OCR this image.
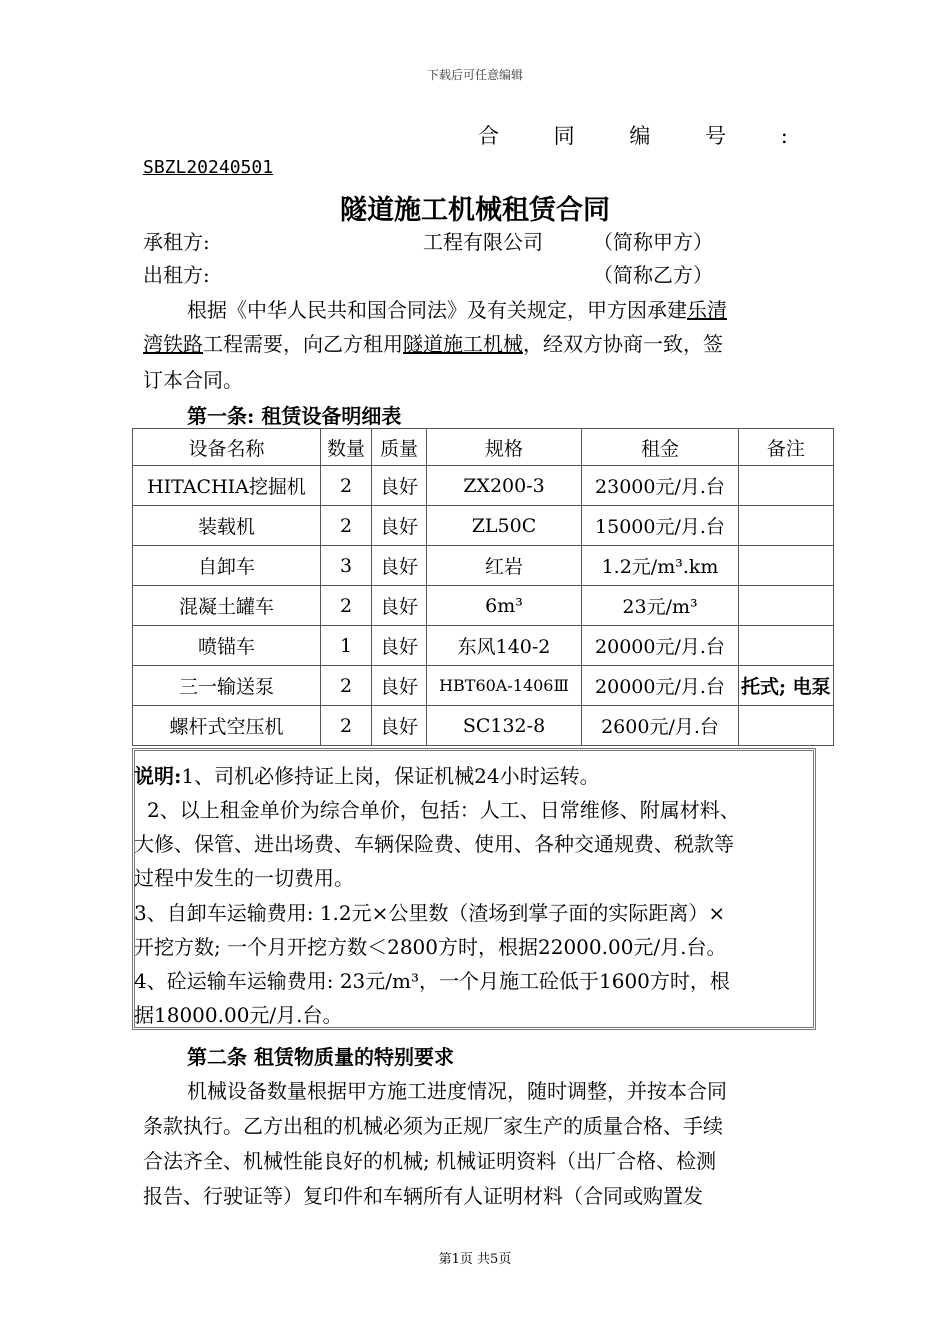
下载后可任意编辑
合 同 编 号 :
SBZL20240501
隧道施工机械租赁合同
承租方:	工程有限公司	（简称甲方）
出租方:	（简称乙方）
根据《中华人民共和国合同法》及有关规定，甲方因承建乐清
湾铁路工程需要，向乙方租用隧道施工机械，经双方协商一致，签
订本合同。
第一条: 租赁设备明细表
设备名称	数量	质量	规格	租金	备注
HITACHIA挖掘机	2	良好	ZX200-3	23000元/月.台	
装载机	2	良好	ZL50C	15000元/月.台	
自卸车	3	良好	红岩	1.2元/m³.km	
混凝土罐车	2	良好	6m³	23元/m³	
喷锚车	1	良好	东风140-2	20000元/月.台	
三一输送泵	2	良好	HBT60A-1406Ⅲ	20000元/月.台	托式; 电泵
螺杆式空压机	2	良好	SC132-8	2600元/月.台	
说明:1、司机必修持证上岗，保证机械24小时运转。
2、以上租金单价为综合单价，包括：人工、日常维修、附属材料、
大修、保管、进出场费、车辆保险费、使用、各种交通规费、税款等
过程中发生的一切费用。
3、自卸车运输费用: 1.2元×公里数（渣场到掌子面的实际距离）×
开挖方数; 一个月开挖方数＜2800方时，根据22000.00元/月.台。
4、砼运输车运输费用: 23元/m³，一个月施工砼低于1600方时，根
据18000.00元/月.台。
第二条 租赁物质量的特别要求
机械设备数量根据甲方施工进度情况，随时调整，并按本合同
条款执行。乙方出租的机械必须为正规厂家生产的质量合格、手续
合法齐全、机械性能良好的机械; 机械证明资料（出厂合格、检测
报告、行驶证等）复印件和车辆所有人证明材料（合同或购置发
第1页 共5页
